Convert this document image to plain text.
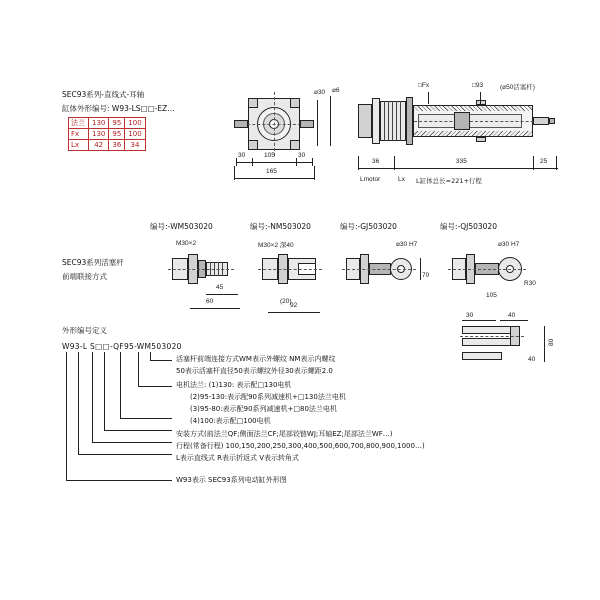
SEC93系列-直线式-耳轴
缸体外形编号: W93-LS□□-EZ…
法兰	130	95	100
Fx	130	95	100
Lx	42	36	34
⌀30 ⌀6
30	105	30
165
□Fx	□93	(⌀50活塞杆)
36	335	25
Lmotor	Lx L缸体总长=221+行程
SEC93系列活塞杆
前端联接方式
编号:-WM503020
M30×2
45
60
编号:-NM503020
M30×2 深40
(20)
92
编号:-GJ503020
⌀30 H7
70
编号:-QJ503020
⌀30 H7
R30
105
30	40
80
40
外形编号定义
W93-L S□□-QF95-WM503020
活塞杆前端连接方式WM表示外螺纹 NM表示内螺纹
50表示活塞杆直径50表示螺纹外径30表示螺距2.0
电机法兰: (1)130: 表示配□130电机
(2)95-130:表示配90系列减速机+□130法兰电机
(3)95-80:表示配90系列减速机+□80法兰电机
(4)100:表示配□100电机
安装方式(前法兰QF;侧面法兰CF;尾部铰链WJ;耳轴EZ;尾部法兰WF…)
行程(常备行程) 100,150,200,250,300,400,500,600,700,800,900,1000…)
L表示直线式 R表示折返式 V表示转角式
W93表示 SEC93系列电动缸外形图
